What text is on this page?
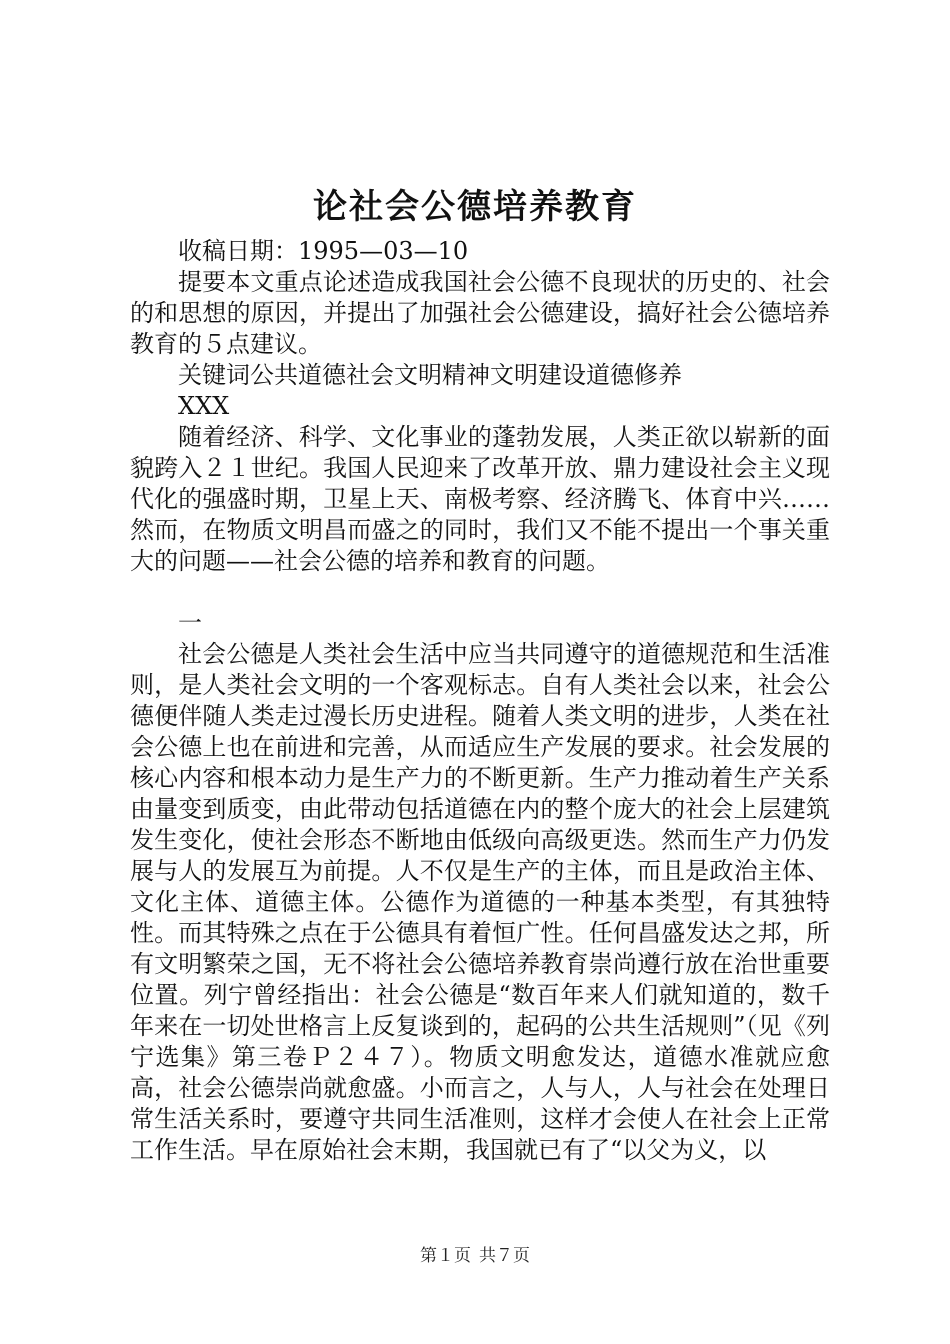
论社会公德培养教育

收稿日期：1995—03—10

提要本文重点论述造成我国社会公德不良现状的历史的、社会的和思想的原因，并提出了加强社会公德建设，搞好社会公德培养教育的５点建议。

关键词公共道德社会文明精神文明建设道德修养

XXX

随着经济、科学、文化事业的蓬勃发展，人类正欲以崭新的面貌跨入２１世纪。我国人民迎来了改革开放、鼎力建设社会主义现代化的强盛时期，卫星上天、南极考察、经济腾飞、体育中兴……然而，在物质文明昌而盛之的同时，我们又不能不提出一个事关重大的问题——社会公德的培养和教育的问题。

一

社会公德是人类社会生活中应当共同遵守的道德规范和生活准则，是人类社会文明的一个客观标志。自有人类社会以来，社会公德便伴随人类走过漫长历史进程。随着人类文明的进步，人类在社会公德上也在前进和完善，从而适应生产发展的要求。社会发展的核心内容和根本动力是生产力的不断更新。生产力推动着生产关系由量变到质变，由此带动包括道德在内的整个庞大的社会上层建筑发生变化，使社会形态不断地由低级向高级更迭。然而生产力仍发展与人的发展互为前提。人不仅是生产的主体，而且是政治主体、文化主体、道德主体。公德作为道德的一种基本类型，有其独特性。而其特殊之点在于公德具有着恒广性。任何昌盛发达之邦，所有文明繁荣之国，无不将社会公德培养教育崇尚遵行放在治世重要位置。列宁曾经指出：社会公德是“数百年来人们就知道的，数千年来在一切处世格言上反复谈到的，起码的公共生活规则”（见《列宁选集》第三卷Ｐ２４７）。物质文明愈发达，道德水准就应愈高，社会公德崇尚就愈盛。小而言之，人与人，人与社会在处理日常生活关系时，要遵守共同生活准则，这样才会使人在社会上正常工作生活。早在原始社会末期，我国就已有了“以父为义，以

第１页 共７页
